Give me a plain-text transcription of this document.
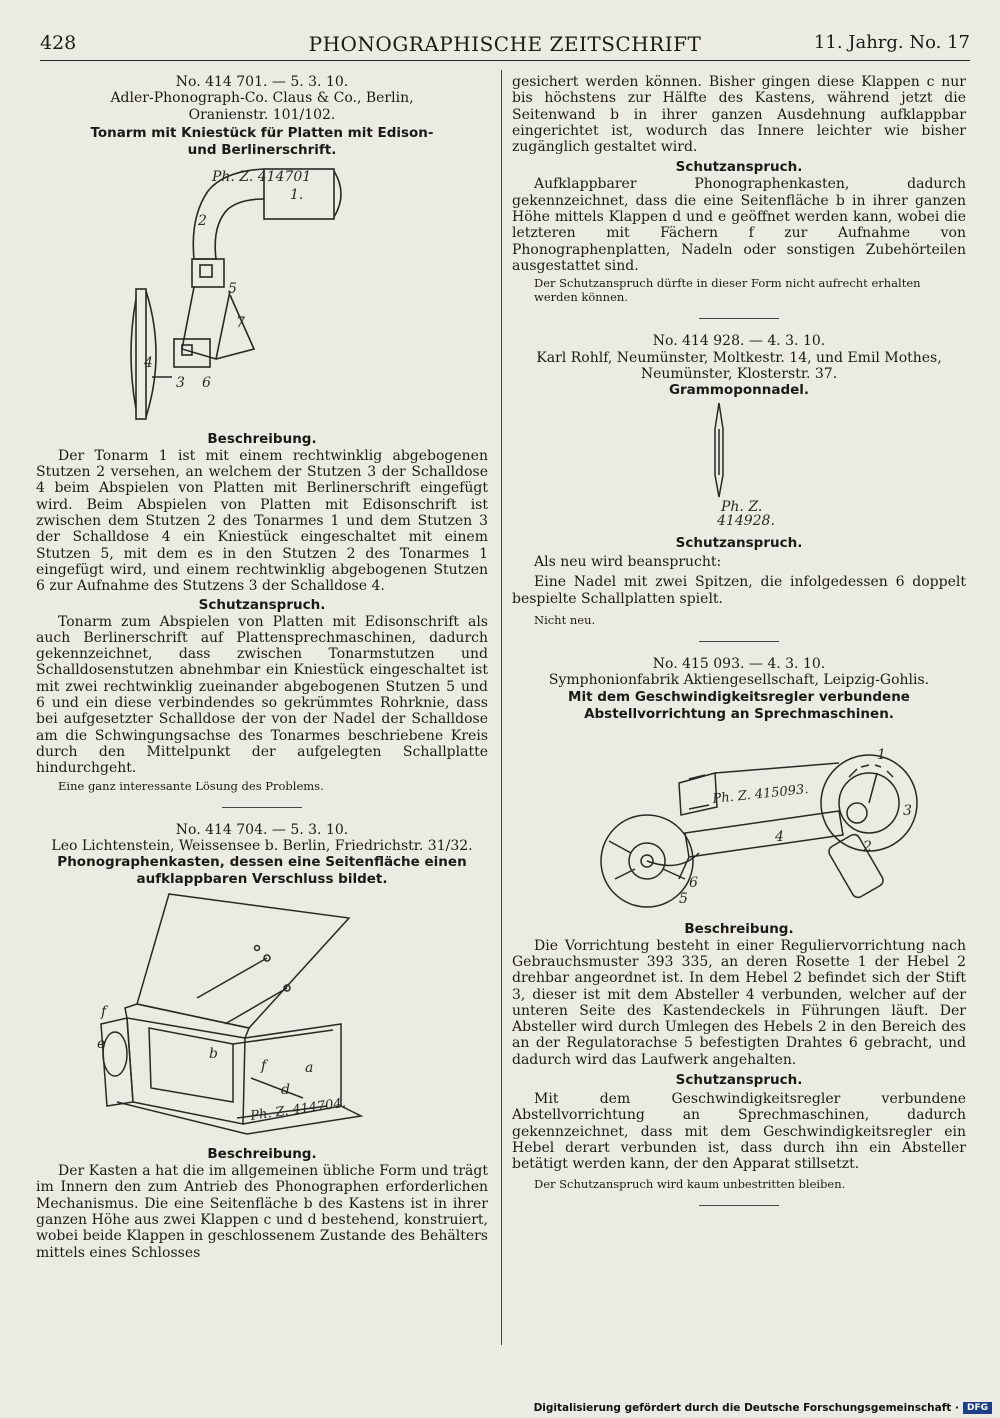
428	PHONOGRAPHISCHE ZEITSCHRIFT	11. Jahrg. No. 17

No. 414 701. — 5. 3. 10.

Adler-Phonograph-Co. Claus & Co., Berlin,

Oranienstr. 101/102.

Tonarm mit Kniestück für Platten mit Edison- und Berlinerschrift.

Ph. Z. 414701
1.
2
5
7
4
3 6

Beschreibung.

Der Tonarm 1 ist mit einem rechtwinklig abgebogenen Stutzen 2 versehen, an welchem der Stutzen 3 der Schalldose 4 beim Abspielen von Platten mit Berlinerschrift eingefügt wird. Beim Abspielen von Platten mit Edisonschrift ist zwischen dem Stutzen 2 des Tonarmes 1 und dem Stutzen 3 der Schalldose 4 ein Kniestück eingeschaltet mit einem Stutzen 5, mit dem es in den Stutzen 2 des Tonarmes 1 eingefügt wird, und einem rechtwinklig abgebogenen Stutzen 6 zur Aufnahme des Stutzens 3 der Schalldose 4.

Schutzanspruch.

Tonarm zum Abspielen von Platten mit Edisonschrift als auch Berlinerschrift auf Plattensprechmaschinen, dadurch gekennzeichnet, dass zwischen Tonarmstutzen und Schalldosenstutzen abnehmbar ein Kniestück eingeschaltet ist mit zwei rechtwinklig zueinander abgebogenen Stutzen 5 und 6 und ein diese verbindendes so gekrümmtes Rohrknie, dass bei aufgesetzter Schalldose der von der Nadel der Schalldose am die Schwingungsachse des Tonarmes beschriebene Kreis durch den Mittelpunkt der aufgelegten Schallplatte hindurchgeht.

Eine ganz interessante Lösung des Problems.

No. 414 704. — 5. 3. 10.

Leo Lichtenstein, Weissensee b. Berlin, Friedrichstr. 31/32.

Phonographenkasten, dessen eine Seitenfläche einen aufklappbaren Verschluss bildet.

f
e
b
f	a
d
Ph. Z. 414704.

Beschreibung.

Der Kasten a hat die im allgemeinen übliche Form und trägt im Innern den zum Antrieb des Phonographen erforderlichen Mechanismus. Die eine Seitenfläche b des Kastens ist in ihrer ganzen Höhe aus zwei Klappen c und d bestehend, konstruiert, wobei beide Klappen in geschlossenem Zustande des Behälters mittels eines Schlosses

gesichert werden können. Bisher gingen diese Klappen c nur bis höchstens zur Hälfte des Kastens, während jetzt die Seitenwand b in ihrer ganzen Ausdehnung aufklappbar eingerichtet ist, wodurch das Innere leichter wie bisher zugänglich gestaltet wird.

Schutzanspruch.

Aufklappbarer Phonographenkasten, dadurch gekennzeichnet, dass die eine Seitenfläche b in ihrer ganzen Höhe mittels Klappen d und e geöffnet werden kann, wobei die letzteren mit Fächern f zur Aufnahme von Phonographenplatten, Nadeln oder sonstigen Zubehörteilen ausgestattet sind.

Der Schutzanspruch dürfte in dieser Form nicht aufrecht erhalten werden können.

No. 414 928. — 4. 3. 10.

Karl Rohlf, Neumünster, Moltkestr. 14, und Emil Mothes,

Neumünster, Klosterstr. 37.

Grammoponnadel.

Ph. Z.
414928.

Schutzanspruch.

Als neu wird beansprucht:

Eine Nadel mit zwei Spitzen, die infolgedessen 6 doppelt bespielte Schallplatten spielt.

Nicht neu.

No. 415 093. — 4. 3. 10.

Symphonionfabrik Aktiengesellschaft, Leipzig-Gohlis.

Mit dem Geschwindigkeitsregler verbundene Abstellvorrichtung an Sprechmaschinen.

Ph. Z. 415093.
1
3
4
2
6
5

Beschreibung.

Die Vorrichtung besteht in einer Reguliervorrichtung nach Gebrauchsmuster 393 335, an deren Rosette 1 der Hebel 2 drehbar angeordnet ist. In dem Hebel 2 befindet sich der Stift 3, dieser ist mit dem Absteller 4 verbunden, welcher auf der unteren Seite des Kastendeckels in Führungen läuft. Der Absteller wird durch Umlegen des Hebels 2 in den Bereich des an der Regulatorachse 5 befestigten Drahtes 6 gebracht, und dadurch wird das Laufwerk angehalten.

Schutzanspruch.

Mit dem Geschwindigkeitsregler verbundene Abstellvorrichtung an Sprechmaschinen, dadurch gekennzeichnet, dass mit dem Geschwindigkeitsregler ein Hebel derart verbunden ist, dass durch ihn ein Absteller betätigt werden kann, der den Apparat stillsetzt.

Der Schutzanspruch wird kaum unbestritten bleiben.

Digitalisierung gefördert durch die Deutsche Forschungsgemeinschaft · DFG
